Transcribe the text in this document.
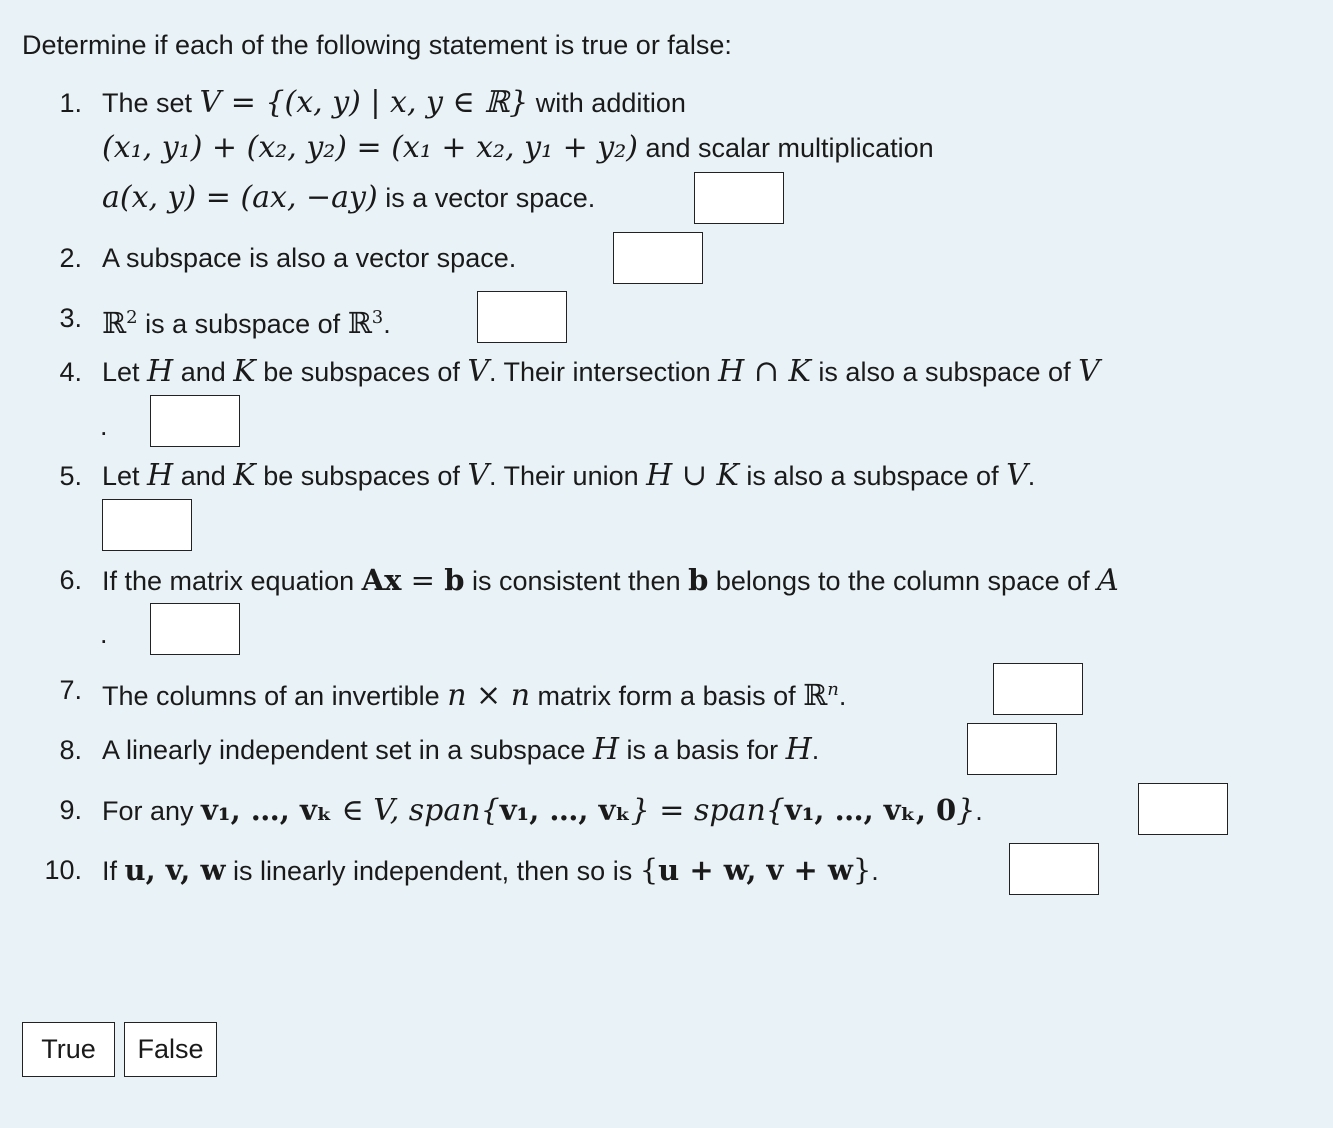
Determine if each of the following statement is true or false:
1. The set V = {(x, y) | x, y ∈ ℝ} with addition
(x₁, y₁) + (x₂, y₂) = (x₁ + x₂, y₁ + y₂) and scalar multiplication
a(x, y) = (ax, −ay) is a vector space.
2. A subspace is also a vector space.
3. ℝ$^2$ is a subspace of ℝ$^3$.
4. Let H and K be subspaces of V. Their intersection H ∩ K is also a subspace of V
.
5. Let H and K be subspaces of V. Their union H ∪ K is also a subspace of V.
6. If the matrix equation Ax = b is consistent then b belongs to the column space of A
.
7. The columns of an invertible n × n matrix form a basis of ℝ$^n$.
8. A linearly independent set in a subspace H is a basis for H.
9. For any v₁, …, vₖ ∈ V, span{v₁, …, vₖ} = span{v₁, …, vₖ, 0}.
10. If u, v, w is linearly independent, then so is {u + w, v + w}.
True	False
